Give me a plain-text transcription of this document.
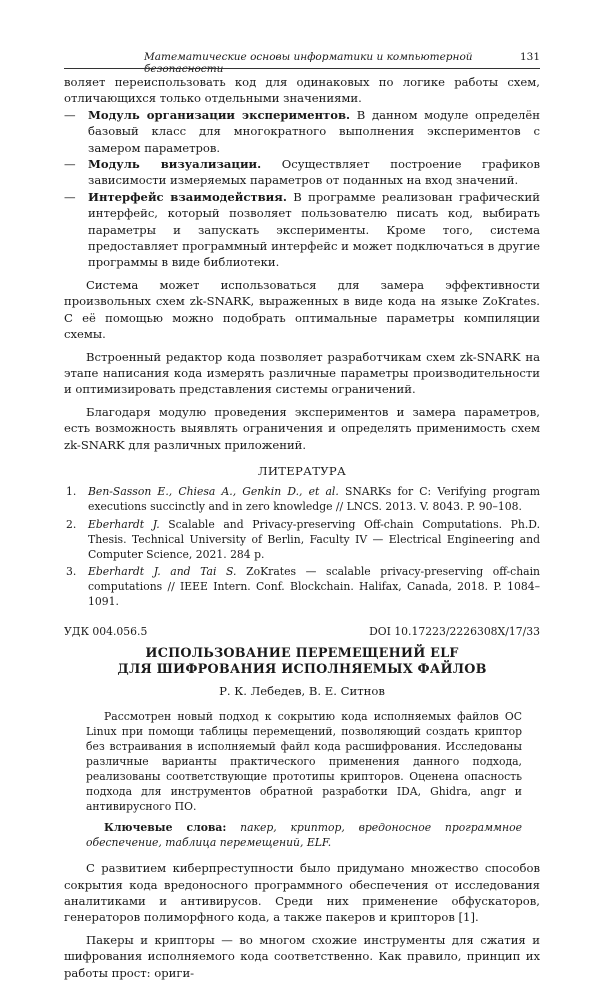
Математические основы информатики и компьютерной безопасности
131

воляет переиспользовать код для одинаковых по логике работы схем, отличающихся только отдельными значениями.

— Модуль организации экспериментов. В данном модуле определён базовый класс для многократного выполнения экспериментов с замером параметров.

— Модуль визуализации. Осуществляет построение графиков зависимости измеряемых параметров от поданных на вход значений.

— Интерфейс взаимодействия. В программе реализован графический интерфейс, который позволяет пользователю писать код, выбирать параметры и запускать эксперименты. Кроме того, система предоставляет программный интерфейс и может подключаться в другие программы в виде библиотеки.

Система может использоваться для замера эффективности произвольных схем zk-SNARK, выраженных в виде кода на языке ZoKrates. С её помощью можно подобрать оптимальные параметры компиляции схемы.

Встроенный редактор кода позволяет разработчикам схем zk-SNARK на этапе написания кода измерять различные параметры производительности и оптимизировать представления системы ограничений.

Благодаря модулю проведения экспериментов и замера параметров, есть возможность выявлять ограничения и определять применимость схем zk-SNARK для различных приложений.

ЛИТЕРАТУРА

1. Ben-Sasson E., Chiesa A., Genkin D., et al. SNARKs for C: Verifying program executions succinctly and in zero knowledge // LNCS. 2013. V. 8043. P. 90–108.

2. Eberhardt J. Scalable and Privacy-preserving Off-chain Computations. Ph.D. Thesis. Technical University of Berlin, Faculty IV — Electrical Engineering and Computer Science, 2021. 284 p.

3. Eberhardt J. and Tai S. ZoKrates — scalable privacy-preserving off-chain computations // IEEE Intern. Conf. Blockchain. Halifax, Canada, 2018. P. 1084–1091.

УДК 004.056.5	DOI 10.17223/2226308X/17/33
ИСПОЛЬЗОВАНИЕ ПЕРЕМЕЩЕНИЙ ELF
ДЛЯ ШИФРОВАНИЯ ИСПОЛНЯЕМЫХ ФАЙЛОВ
Р. К. Лебедев, В. Е. Ситнов

Рассмотрен новый подход к сокрытию кода исполняемых файлов ОС Linux при помощи таблицы перемещений, позволяющий создать криптор без встраивания в исполняемый файл кода расшифрования. Исследованы различные варианты практического применения данного подхода, реализованы соответствующие прототипы крипторов. Оценена опасность подхода для инструментов обратной разработки IDA, Ghidra, angr и антивирусного ПО.

Ключевые слова: пакер, криптор, вредоносное программное обеспечение, таблица перемещений, ELF.

С развитием киберпреступности было придумано множество способов сокрытия кода вредоносного программного обеспечения от исследования аналитиками и антивирусов. Среди них применение обфускаторов, генераторов полиморфного кода, а также пакеров и крипторов [1].

Пакеры и крипторы — во многом схожие инструменты для сжатия и шифрования исполняемого кода соответственно. Как правило, принцип их работы прост: ориги-
